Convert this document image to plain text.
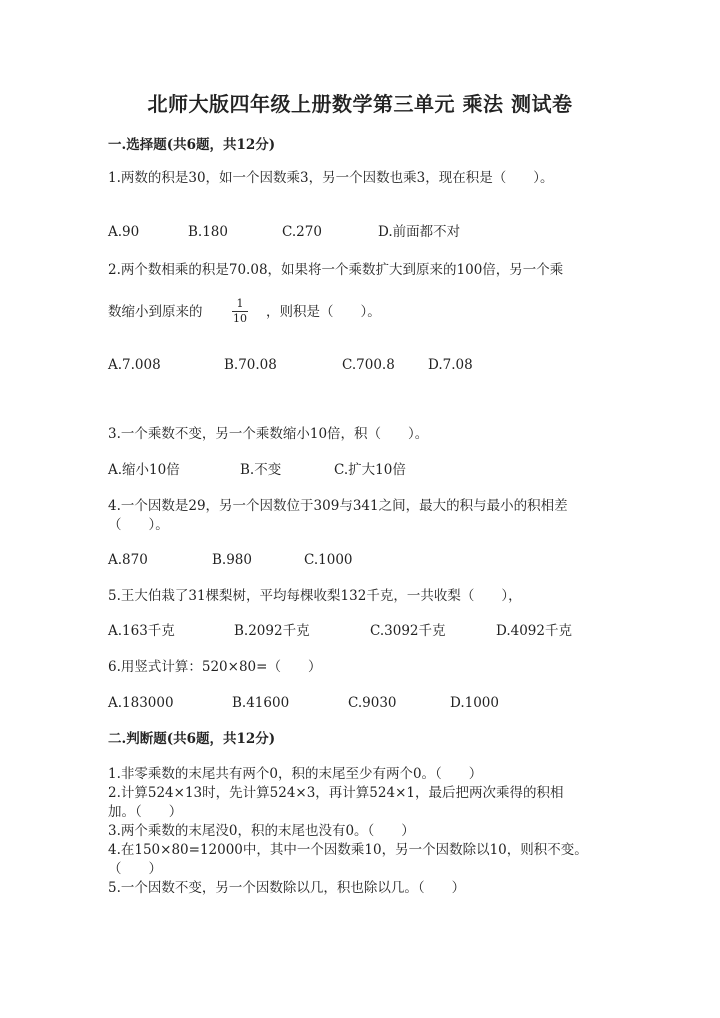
北师大版四年级上册数学第三单元 乘法 测试卷
一.选择题(共6题，共12分)
1.两数的积是30，如一个因数乘3，另一个因数也乘3，现在积是（　　）。
A.90	B.180	C.270	D.前面都不对
2.两个数相乘的积是70.08，如果将一个乘数扩大到原来的100倍，另一个乘
数缩小到原来的
1
10 ，则积是（　　）。
A.7.008	B.70.08	C.700.8 D.7.08
3.一个乘数不变，另一个乘数缩小10倍，积（　　）。
A.缩小10倍	B.不变	C.扩大10倍
4.一个因数是29，另一个因数位于309与341之间，最大的积与最小的积相差
（　　）。
A.870	B.980	C.1000
5.王大伯栽了31棵梨树，平均每棵收梨132千克，一共收梨（　　），
A.163千克	B.2092千克	C.3092千克	D.4092千克
6.用竖式计算：520×80=（　　）
A.183000	B.41600	C.9030	D.1000
二.判断题(共6题，共12分)
1.非零乘数的末尾共有两个0，积的末尾至少有两个0。（　　）
2.计算524×13时，先计算524×3，再计算524×1，最后把两次乘得的积相
加。（　　）
3.两个乘数的末尾没0，积的末尾也没有0。（　　）
4.在150×80=12000中，其中一个因数乘10，另一个因数除以10，则积不变。
（　　）
5.一个因数不变，另一个因数除以几，积也除以几。（　　）
